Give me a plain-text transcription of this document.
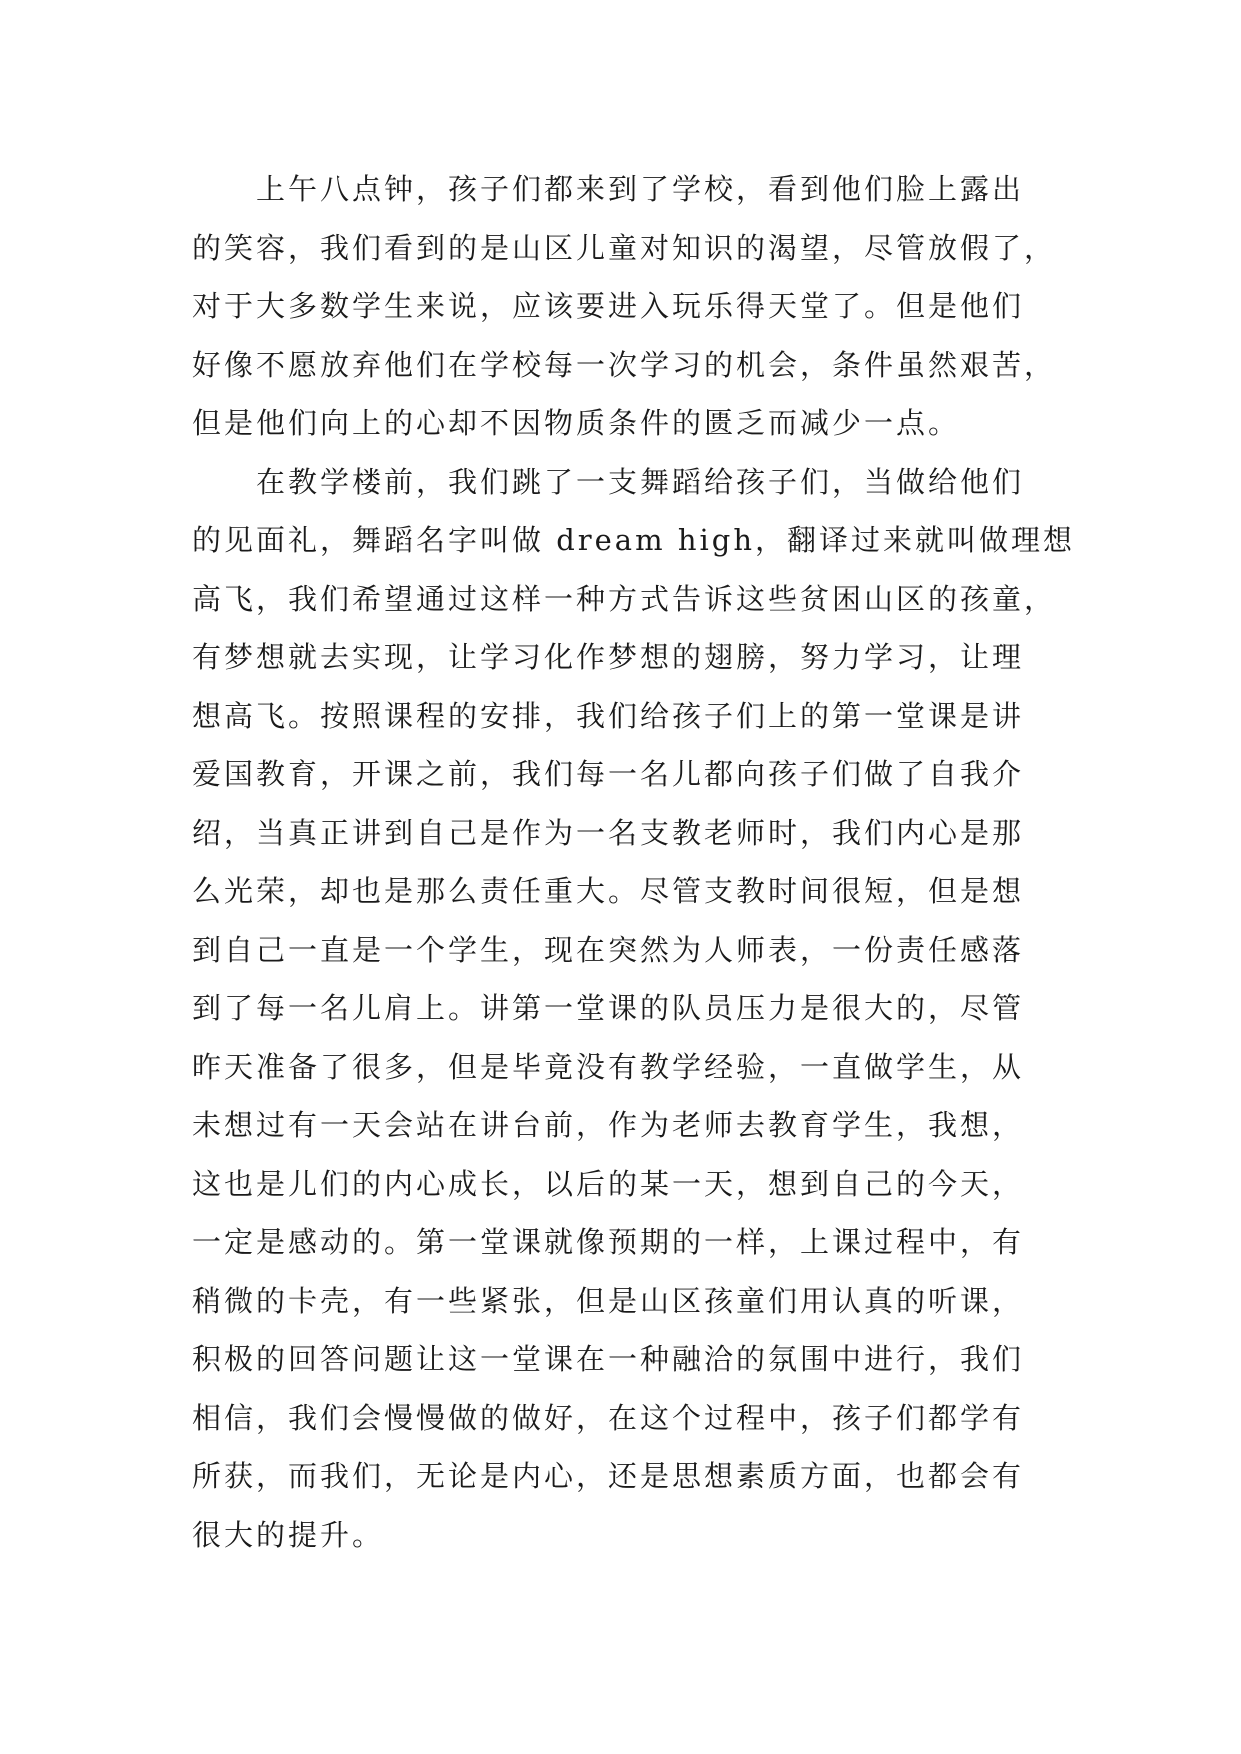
上午八点钟，孩子们都来到了学校，看到他们脸上露出
的笑容，我们看到的是山区儿童对知识的渴望，尽管放假了，
对于大多数学生来说，应该要进入玩乐得天堂了。但是他们
好像不愿放弃他们在学校每一次学习的机会，条件虽然艰苦，
但是他们向上的心却不因物质条件的匮乏而减少一点。

在教学楼前，我们跳了一支舞蹈给孩子们，当做给他们
的见面礼，舞蹈名字叫做 dream high，翻译过来就叫做理想
高飞，我们希望通过这样一种方式告诉这些贫困山区的孩童，
有梦想就去实现，让学习化作梦想的翅膀，努力学习，让理
想高飞。按照课程的安排，我们给孩子们上的第一堂课是讲
爱国教育，开课之前，我们每一名儿都向孩子们做了自我介
绍，当真正讲到自己是作为一名支教老师时，我们内心是那
么光荣，却也是那么责任重大。尽管支教时间很短，但是想
到自己一直是一个学生，现在突然为人师表，一份责任感落
到了每一名儿肩上。讲第一堂课的队员压力是很大的，尽管
昨天准备了很多，但是毕竟没有教学经验，一直做学生，从
未想过有一天会站在讲台前，作为老师去教育学生，我想，
这也是儿们的内心成长，以后的某一天，想到自己的今天，
一定是感动的。第一堂课就像预期的一样，上课过程中，有
稍微的卡壳，有一些紧张，但是山区孩童们用认真的听课，
积极的回答问题让这一堂课在一种融洽的氛围中进行，我们
相信，我们会慢慢做的做好，在这个过程中，孩子们都学有
所获，而我们，无论是内心，还是思想素质方面，也都会有
很大的提升。
